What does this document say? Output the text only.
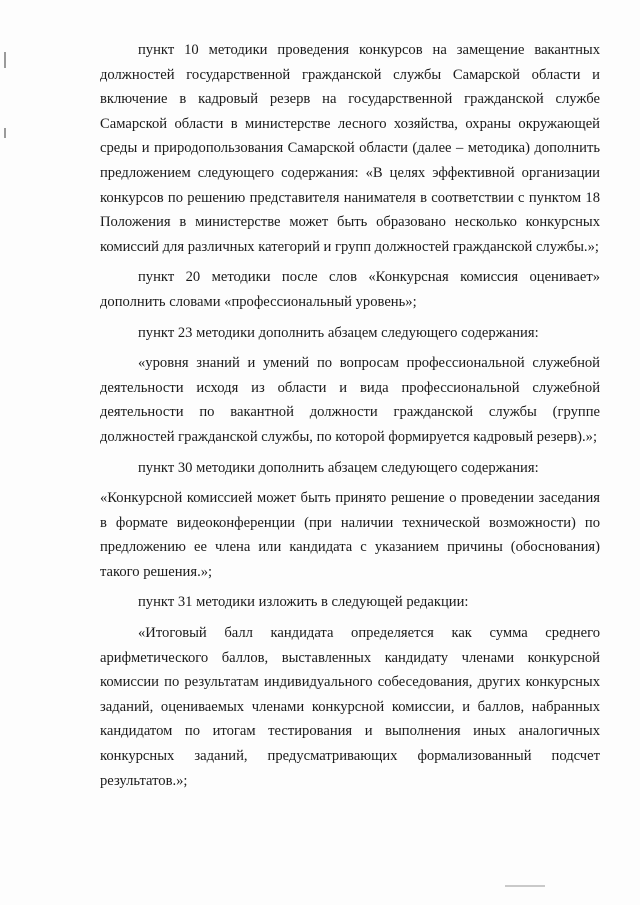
пункт 10 методики проведения конкурсов на замещение вакантных должностей государственной гражданской службы Самарской области и включение в кадровый резерв на государственной гражданской службе Самарской области в министерстве лесного хозяйства, охраны окружающей среды и природопользования Самарской области (далее – методика) дополнить предложением следующего содержания: «В целях эффективной организации конкурсов по решению представителя нанимателя в соответствии с пунктом 18 Положения в министерстве может быть образовано несколько конкурсных комиссий для различных категорий и групп должностей гражданской службы.»;

пункт 20 методики после слов «Конкурсная комиссия оценивает» дополнить словами «профессиональный уровень»;

пункт 23 методики дополнить абзацем следующего содержания:

«уровня знаний и умений по вопросам профессиональной служебной деятельности исходя из области и вида профессиональной служебной деятельности по вакантной должности гражданской службы (группе должностей гражданской службы, по которой формируется кадровый резерв).»;

пункт 30 методики дополнить абзацем следующего содержания:

«Конкурсной комиссией может быть принято решение о проведении заседания в формате видеоконференции (при наличии технической возможности) по предложению ее члена или кандидата с указанием причины (обоснования) такого решения.»;

пункт 31 методики изложить в следующей редакции:

«Итоговый балл кандидата определяется как сумма среднего арифметического баллов, выставленных кандидату членами конкурсной комиссии по результатам индивидуального собеседования, других конкурсных заданий, оцениваемых членами конкурсной комиссии, и баллов, набранных кандидатом по итогам тестирования и выполнения иных аналогичных конкурсных заданий, предусматривающих формализованный подсчет результатов.»;
